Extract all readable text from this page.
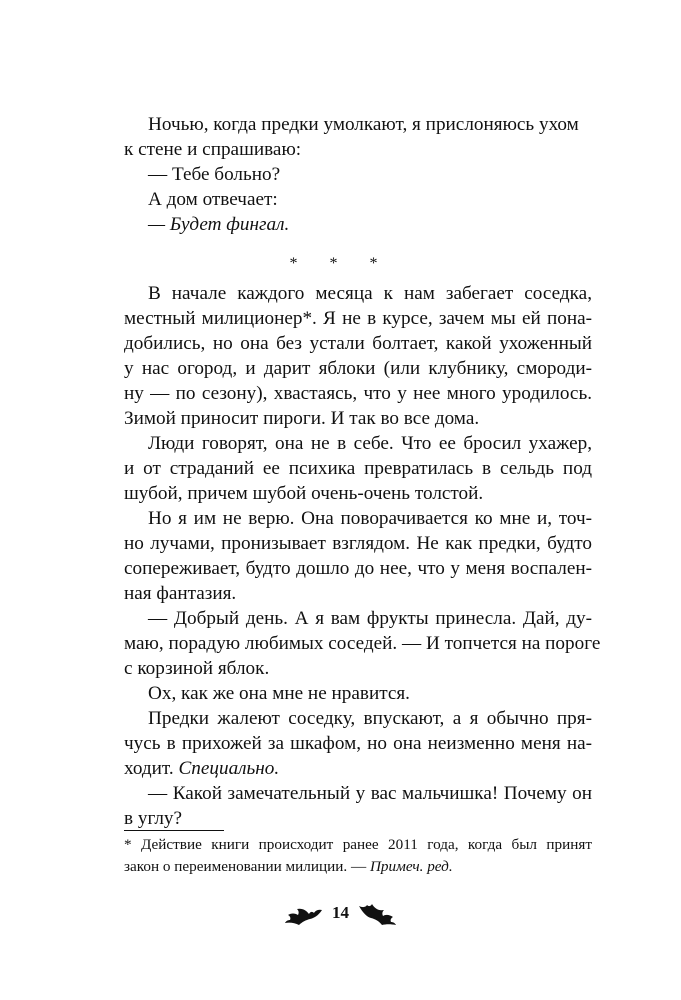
Ночью, когда предки умолкают, я прислоняюсь ухом
к стене и спрашиваю:
— Тебе больно?
А дом отвечает:
— Будет фингал.
* * *

В начале каждого месяца к нам забегает соседка,
местный милиционер*. Я не в курсе, зачем мы ей пона-
добились, но она без устали болтает, какой ухоженный
у нас огород, и дарит яблоки (или клубнику, смороди-
ну — по сезону), хвастаясь, что у нее много уродилось.
Зимой приносит пироги. И так во все дома.

Люди говорят, она не в себе. Что ее бросил ухажер,
и от страданий ее психика превратилась в сельдь под
шубой, причем шубой очень-очень толстой.

Но я им не верю. Она поворачивается ко мне и, точ-
но лучами, пронизывает взглядом. Не как предки, будто
сопереживает, будто дошло до нее, что у меня воспален-
ная фантазия.

— Добрый день. А я вам фрукты принесла. Дай, ду-
маю, порадую любимых соседей. — И топчется на пороге
с корзиной яблок.

Ох, как же она мне не нравится.

Предки жалеют соседку, впускают, а я обычно пря-
чусь в прихожей за шкафом, но она неизменно меня на-
ходит. Специально.

— Какой замечательный у вас мальчишка! Почему он
в углу?

* Действие книги происходит ранее 2011 года, когда был принят
закон о переименовании милиции. — Примеч. ред.
14
